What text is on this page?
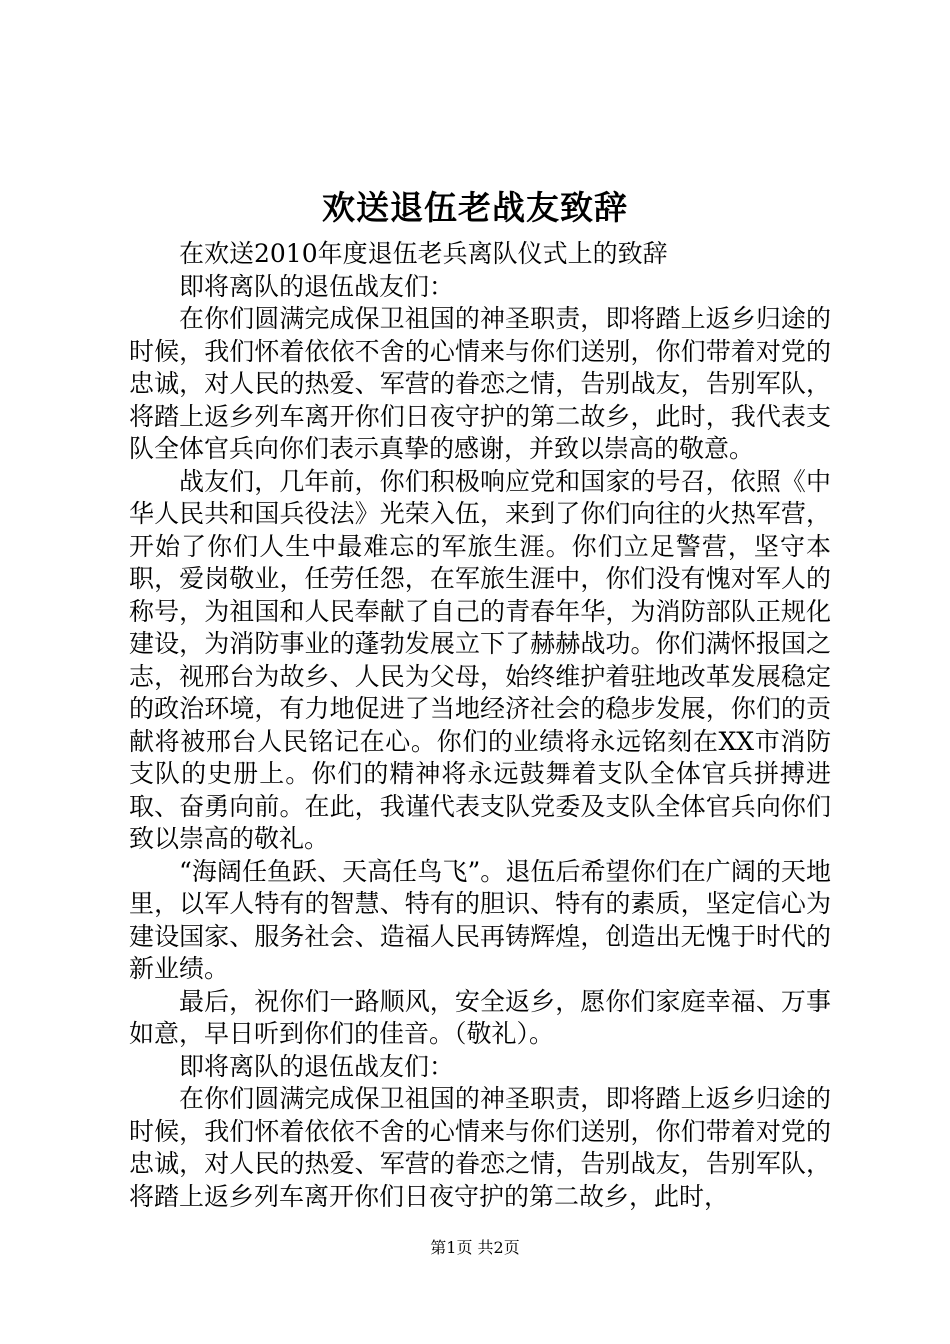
欢送退伍老战友致辞

在欢送2010年度退伍老兵离队仪式上的致辞

即将离队的退伍战友们：

在你们圆满完成保卫祖国的神圣职责，即将踏上返乡归途的时候，我们怀着依依不舍的心情来与你们送别，你们带着对党的忠诚，对人民的热爱、军营的眷恋之情，告别战友，告别军队，将踏上返乡列车离开你们日夜守护的第二故乡，此时，我代表支队全体官兵向你们表示真挚的感谢，并致以崇高的敬意。

战友们，几年前，你们积极响应党和国家的号召，依照《中华人民共和国兵役法》光荣入伍，来到了你们向往的火热军营，开始了你们人生中最难忘的军旅生涯。你们立足警营，坚守本职，爱岗敬业，任劳任怨，在军旅生涯中，你们没有愧对军人的称号，为祖国和人民奉献了自己的青春年华，为消防部队正规化建设，为消防事业的蓬勃发展立下了赫赫战功。你们满怀报国之志，视邢台为故乡、人民为父母，始终维护着驻地改革发展稳定的政治环境，有力地促进了当地经济社会的稳步发展，你们的贡献将被邢台人民铭记在心。你们的业绩将永远铭刻在XX市消防支队的史册上。你们的精神将永远鼓舞着支队全体官兵拼搏进取、奋勇向前。在此，我谨代表支队党委及支队全体官兵向你们致以崇高的敬礼。

“海阔任鱼跃、天高任鸟飞”。退伍后希望你们在广阔的天地里，以军人特有的智慧、特有的胆识、特有的素质，坚定信心为建设国家、服务社会、造福人民再铸辉煌，创造出无愧于时代的新业绩。

最后，祝你们一路顺风，安全返乡，愿你们家庭幸福、万事如意，早日听到你们的佳音。（敬礼）。

即将离队的退伍战友们：

在你们圆满完成保卫祖国的神圣职责，即将踏上返乡归途的时候，我们怀着依依不舍的心情来与你们送别，你们带着对党的忠诚，对人民的热爱、军营的眷恋之情，告别战友，告别军队，将踏上返乡列车离开你们日夜守护的第二故乡，此时，

第1页 共2页
